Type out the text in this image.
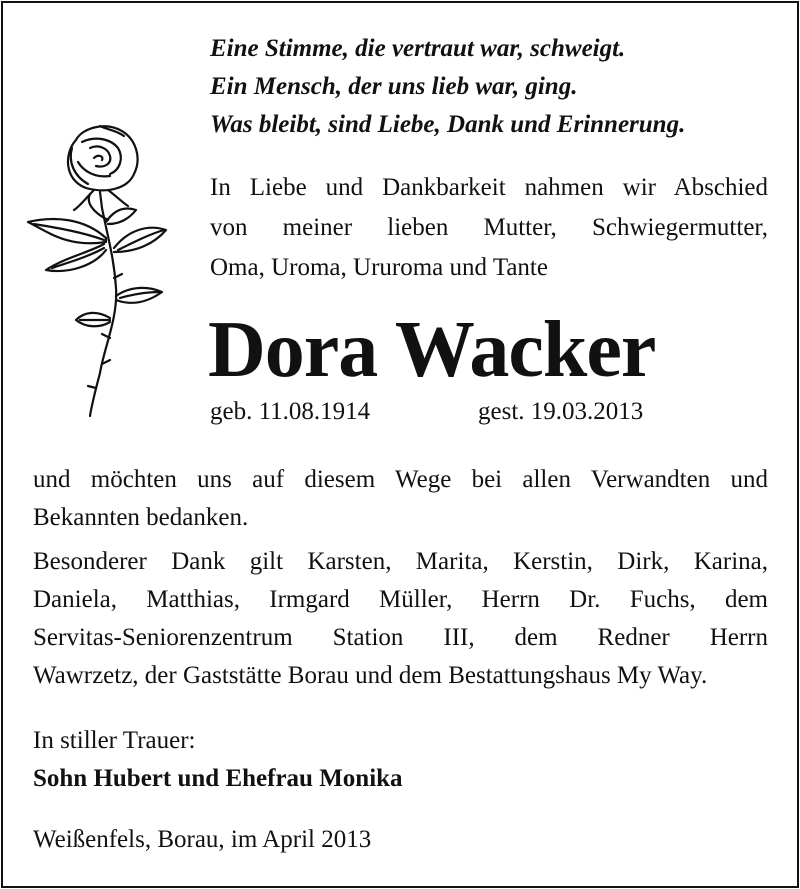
Eine Stimme, die vertraut war, schweigt.
Ein Mensch, der uns lieb war, ging.
Was bleibt, sind Liebe, Dank und Erinnerung.
In Liebe und Dankbarkeit nahmen wir Abschied
von meiner lieben Mutter, Schwiegermutter,
Oma, Uroma, Ururoma und Tante
Dora Wacker
geb. 11.08.1914	gest. 19.03.2013
und möchten uns auf diesem Wege bei allen Verwandten und
Bekannten bedanken.
Besonderer Dank gilt Karsten, Marita, Kerstin, Dirk, Karina,
Daniela, Matthias, Irmgard Müller, Herrn Dr. Fuchs, dem
Servitas-Seniorenzentrum Station III, dem Redner Herrn
Wawrzetz, der Gaststätte Borau und dem Bestattungshaus My Way.
In stiller Trauer:
Sohn Hubert und Ehefrau Monika
Weißenfels, Borau, im April 2013
